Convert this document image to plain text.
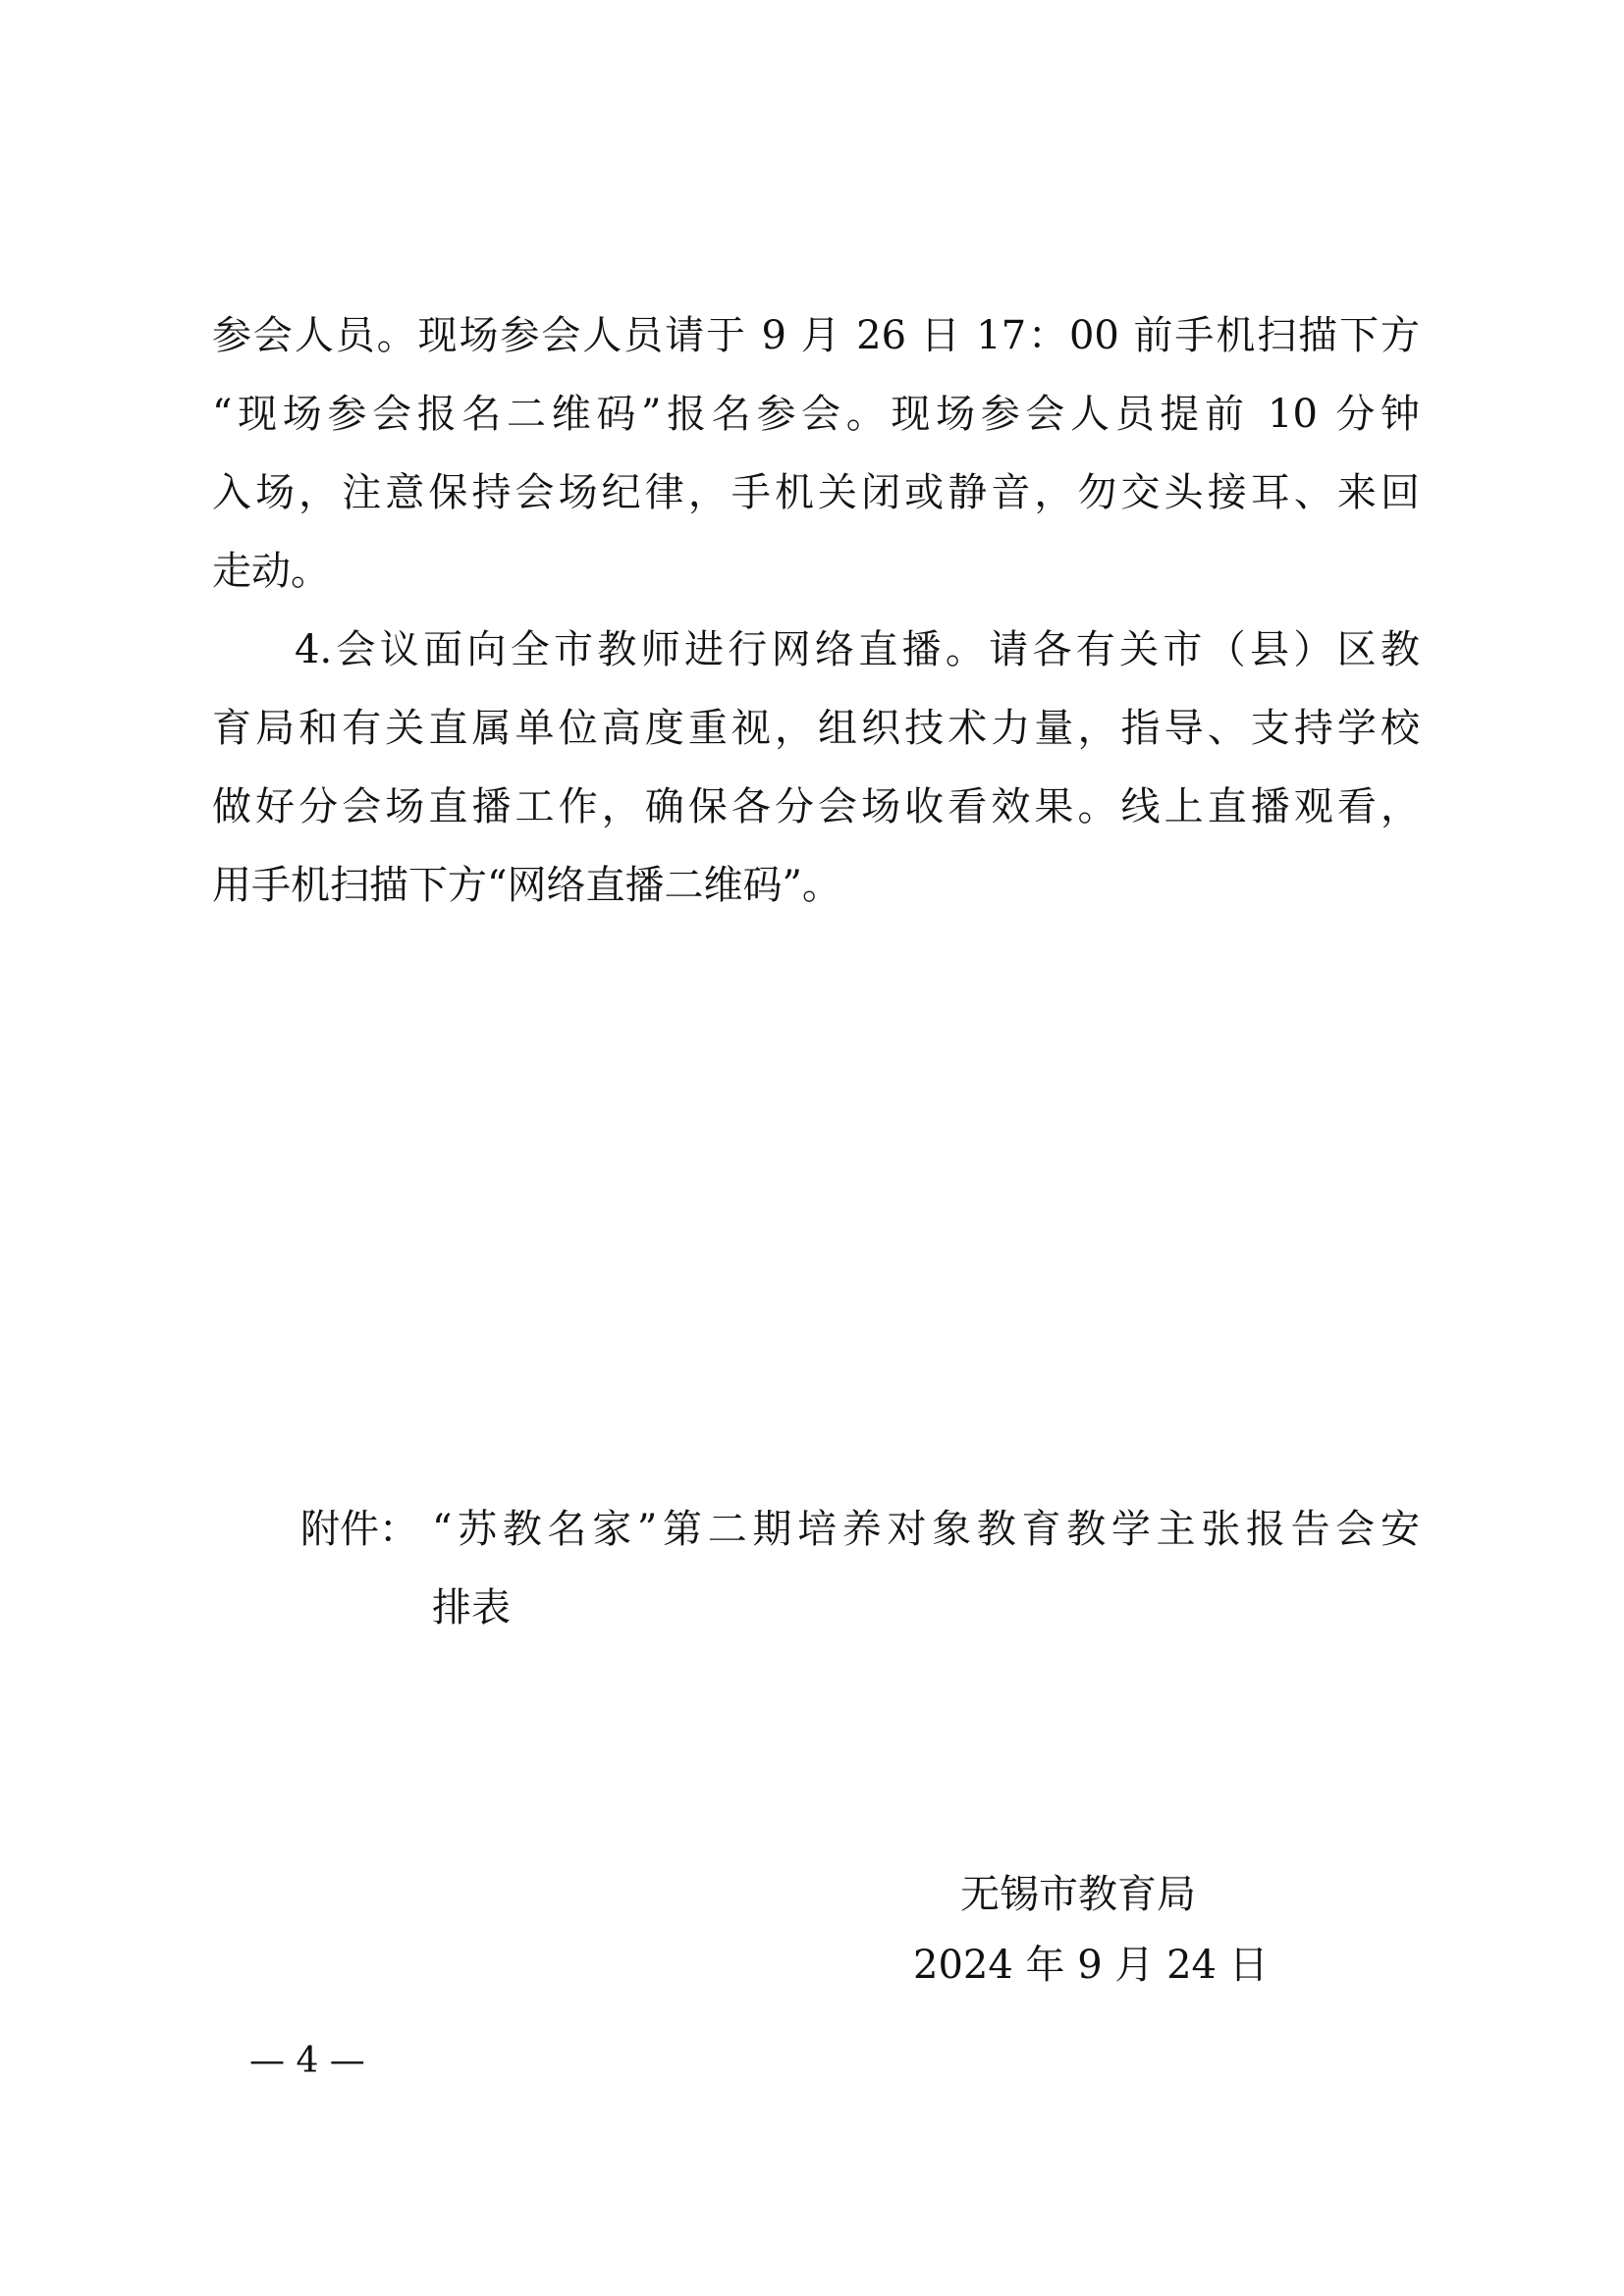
参会人员。现场参会人员请于 9 月 26 日 17：00 前手机扫描下方
“现场参会报名二维码”报名参会。现场参会人员提前 10 分钟
入场，注意保持会场纪律，手机关闭或静音，勿交头接耳、来回
走动。
4.会议面向全市教师进行网络直播。请各有关市（县）区教
育局和有关直属单位高度重视，组织技术力量，指导、支持学校
做好分会场直播工作，确保各分会场收看效果。线上直播观看，
用手机扫描下方“网络直播二维码”。
附件： “苏教名家”第二期培养对象教育教学主张报告会安
排表
无锡市教育局
2024 年 9 月 24 日
— 4 —
